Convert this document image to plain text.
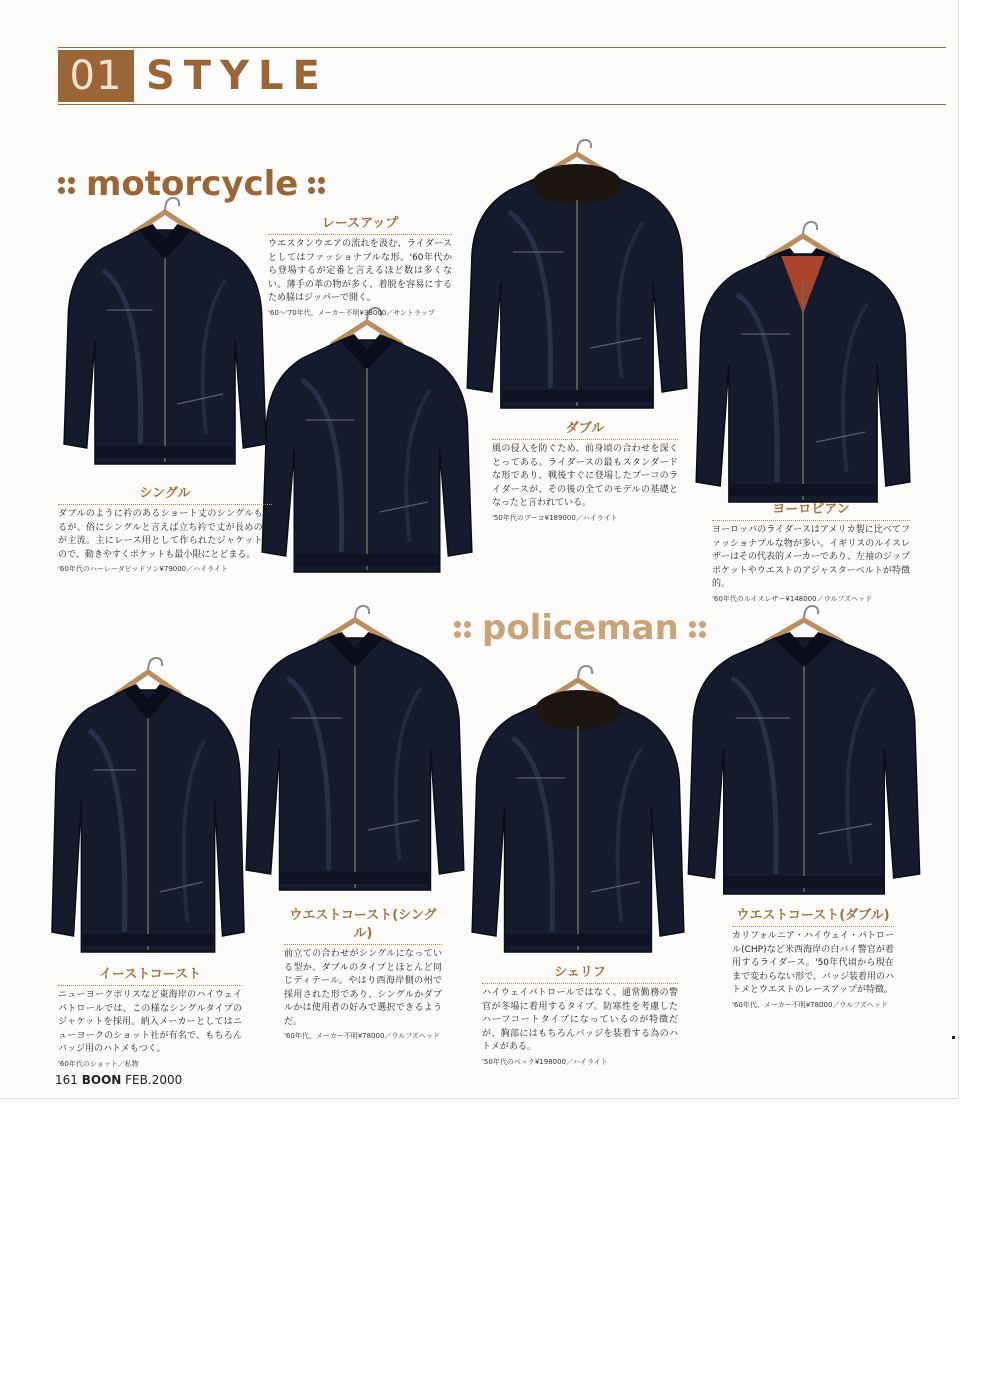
01 STYLE
motorcycle
policeman
シングル
ダブルのように衿のあるショート丈のシングルもあるが、俗にシングルと言えば立ち衿で丈が長めの形が主流。主にレース用として作られたジャケットなので、動きやすくポケットも最小限にとどまる。
'60年代のハーレーダビッドソン¥79000／ハイライト
レースアップ
ウエスタンウエアの流れを汲む、ライダースとしてはファッショナブルな形。'60年代から登場するが定番と言えるほど数は多くない。薄手の革の物が多く、着脱を容易にするため脇はジッパーで開く。
'60〜'70年代、メーカー不明¥38000／サントラップ
ダブル
風の侵入を防ぐため、前身頃の合わせを深くとってある。ライダースの最もスタンダードな形であり、戦後すぐに登場したブーコのライダースが、その後の全てのモデルの基礎となったと言われている。
'50年代のブーコ¥189000／ハイライト
ヨーロピアン
ヨーロッパのライダースはアメリカ製に比べてファッショナブルな物が多い。イギリスのルイスレザーはその代表的メーカーであり、左袖のジップポケットやウエストのアジャスターベルトが特徴的。
'60年代のルイスレザー¥148000／ウルフズヘッド
イーストコースト
ニューヨークポリスなど東海岸のハイウェイパトロールでは、この様なシングルタイプのジャケットを採用。納入メーカーとしてはニューヨークのショット社が有名で、もちろんバッジ用のハトメもつく。
'60年代のショット／私物
ウエストコースト(シングル)
前立ての合わせがシングルになっている型か、ダブルのタイプとほとんど同じディテール。やはり西海岸側の州で採用された形であり、シングルかダブルかは使用者の好みで選択できるようだ。
'60年代、メーカー不明¥78000／ウルフズヘッド
シェリフ
ハイウェイパトロールではなく、通常勤務の警官が冬場に着用するタイプ。防寒性を考慮したハーフコートタイプになっているのが特徴だが、胸部にはもちろんバッジを装着する為のハトメがある。
'50年代のベック¥198000／ハイライト
ウエストコースト(ダブル)
カリフォルニア・ハイウェイ・パトロール(CHP)など米西海岸の白バイ警官が着用するライダース。'50年代頃から現在まで変わらない形で、バッジ装着用のハトメとウエストのレースアップが特徴。
'60年代、メーカー不明¥78000／ウルフズヘッド
161 BOON FEB.2000
